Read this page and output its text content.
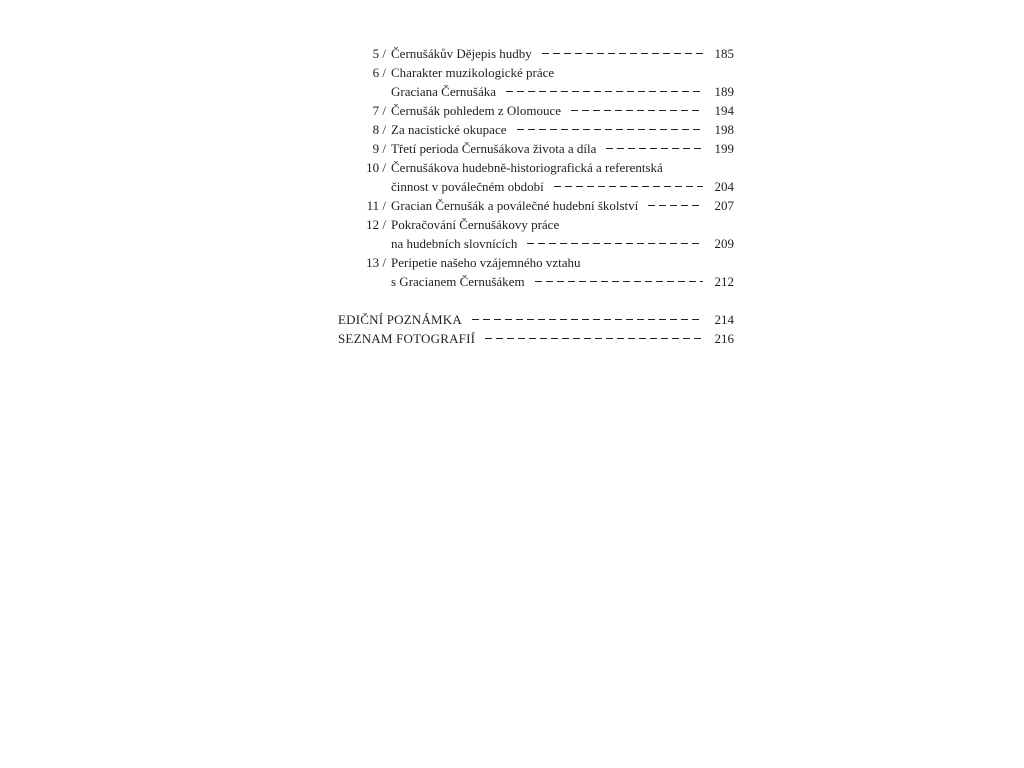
5 / Černušákův Dějepis hudby	185
6 / Charakter muzikologické práce
Graciana Černušáka	189
7 / Černušák pohledem z Olomouce	194
8 / Za nacistické okupace	198
9 / Třetí perioda Černušákova života a díla	199
10 / Černušákova hudebně-historiografická a referentská
činnost v poválečném období	204
11 / Gracian Černušák a poválečné hudební školství	207
12 / Pokračování Černušákovy práce
na hudebních slovnících	209
13 / Peripetie našeho vzájemného vztahu
s Gracianem Černušákem	212
EDIČNÍ POZNÁMKA	214
SEZNAM FOTOGRAFIÍ	216
